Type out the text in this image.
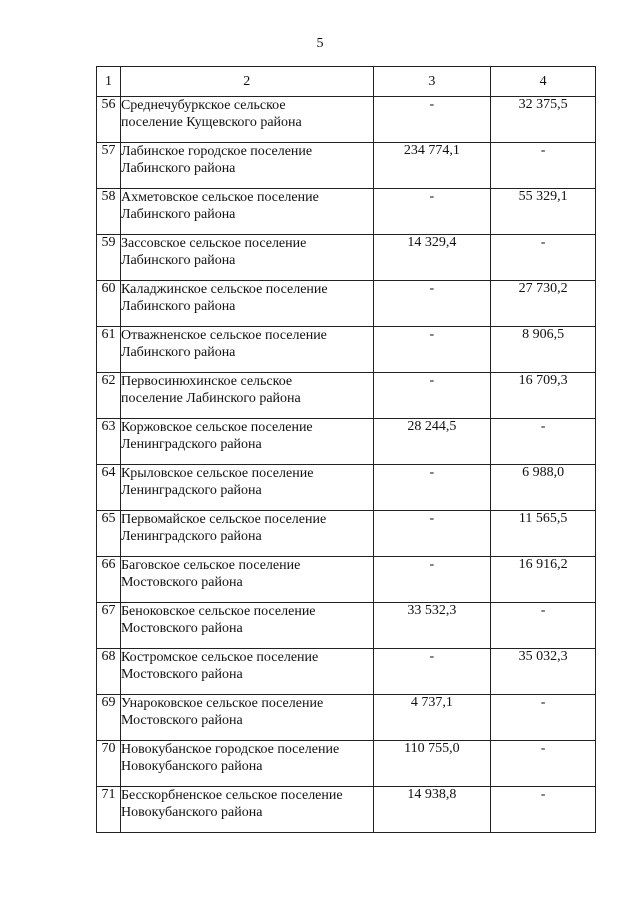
5
1	2	3	4
56	Среднечубуркское сельское
поселение Кущевского района	-	32 375,5
57	Лабинское городское поселение
Лабинского района	234 774,1	-
58	Ахметовское сельское поселение
Лабинского района	-	55 329,1
59	Зассовское сельское поселение
Лабинского района	14 329,4	-
60	Каладжинское сельское поселение
Лабинского района	-	27 730,2
61	Отважненское сельское поселение
Лабинского района	-	8 906,5
62	Первосинюхинское сельское
поселение Лабинского района	-	16 709,3
63	Коржовское сельское поселение
Ленинградского района	28 244,5	-
64	Крыловское сельское поселение
Ленинградского района	-	6 988,0
65	Первомайское сельское поселение
Ленинградского района	-	11 565,5
66	Баговское сельское поселение
Мостовского района	-	16 916,2
67	Беноковское сельское поселение
Мостовского района	33 532,3	-
68	Костромское сельское поселение
Мостовского района	-	35 032,3
69	Унароковское сельское поселение
Мостовского района	4 737,1	-
70	Новокубанское городское поселение
Новокубанского района	110 755,0	-
71	Бесскорбненское сельское поселение
Новокубанского района	14 938,8	-
